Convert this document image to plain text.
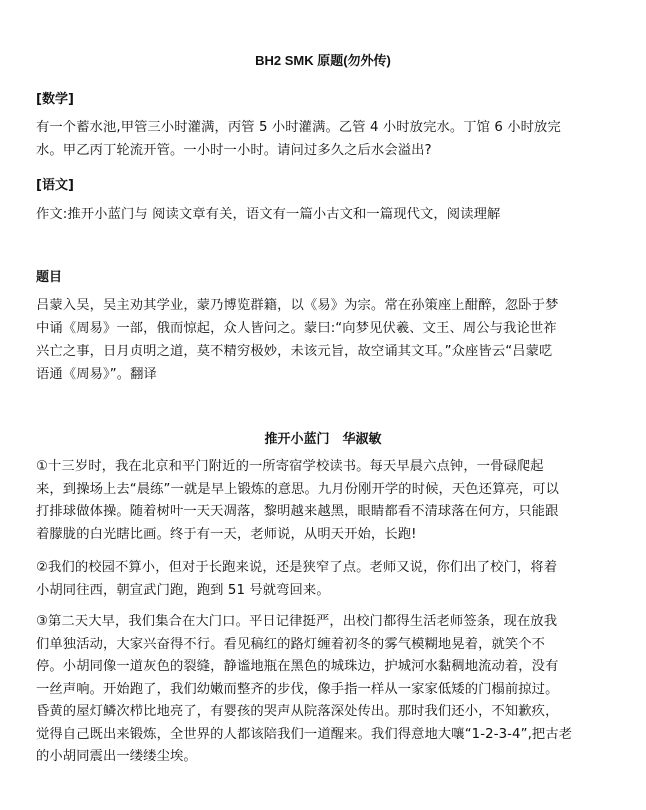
BH2 SMK 原题(勿外传)
[数学]
有一个蓄水池,甲管三小时灌满，丙管 5 小时灌满。乙管 4 小时放完水。丁馆 6 小时放完
水。甲乙丙丁轮流开管。一小时一小时。请问过多久之后水会溢出?
[语文]
作文:推开小蓝门与 阅读文章有关，语文有一篇小古文和一篇现代文，阅读理解
题目
吕蒙入吴，吴主劝其学业，蒙乃博览群籍，以《易》为宗。常在孙策座上酣醉，忽卧于梦
中诵《周易》一部，俄而惊起，众人皆问之。蒙曰:“向梦见伏羲、文王、周公与我论世祚
兴亡之事，日月贞明之道，莫不精穷极妙，未该元旨，故空诵其文耳。”众座皆云“吕蒙呓
语通《周易》”。翻译
推开小蓝门　华淑敏
①十三岁时，我在北京和平门附近的一所寄宿学校读书。每天早晨六点钟，一骨碌爬起
来，到操场上去“晨练”一就是早上锻炼的意思。九月份刚开学的时候，天色还算亮，可以
打排球做体操。随着树叶一天天凋落，黎明越来越黑，眼睛都看不清球落在何方，只能跟
着朦胧的白光瞎比画。终于有一天，老师说，从明天开始，长跑!
②我们的校园不算小，但对于长跑来说，还是狭窄了点。老师又说，你们出了校门，将着
小胡同往西，朝宣武门跑，跑到 51 号就弯回来。
③第二天大早，我们集合在大门口。平日记律挺严，出校门都得生活老师签条，现在放我
们单独活动，大家兴奋得不行。看见稿红的路灯缠着初冬的雾气模糊地晃着，就笑个不
停。小胡同像一道灰色的裂缝，静谧地瓶在黑色的城珠边，护城河水黏稠地流动着，没有
一丝声响。开始跑了，我们幼嫩而整齐的步伐，像手指一样从一家家低矮的门榻前掠过。
昏黄的屋灯鳞次栉比地亮了，有婴孩的哭声从院落深处传出。那时我们还小，不知歉疚，
觉得自己既出来锻炼，全世界的人都该陪我们一道醒来。我们得意地大嚷“1-2-3-4”,把古老
的小胡同震出一缕缕尘埃。
